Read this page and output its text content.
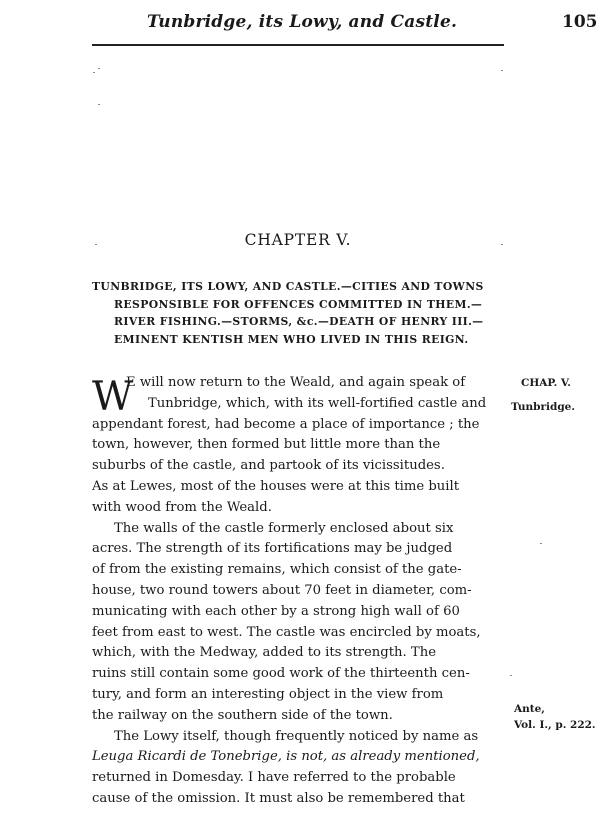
Tunbridge, its Lowy, and Castle.	105
CHAPTER V.
TUNBRIDGE, ITS LOWY, AND CASTLE.—CITIES AND TOWNS
RESPONSIBLE FOR OFFENCES COMMITTED IN THEM.—
RIVER FISHING.—STORMS, &c.—DEATH OF HENRY III.—
EMINENT KENTISH MEN WHO LIVED IN THIS REIGN.
W
E will now return to the Weald, and again speak of
Tunbridge, which, with its well-fortified castle and
appendant forest, had become a place of importance ; the
town, however, then formed but little more than the
suburbs of the castle, and partook of its vicissitudes.
As at Lewes, most of the houses were at this time built
with wood from the Weald.
The walls of the castle formerly enclosed about six
acres. The strength of its fortifications may be judged
of from the existing remains, which consist of the gate-
house, two round towers about 70 feet in diameter, com-
municating with each other by a strong high wall of 60
feet from east to west. The castle was encircled by moats,
which, with the Medway, added to its strength. The
ruins still contain some good work of the thirteenth cen-
tury, and form an interesting object in the view from
the railway on the southern side of the town.
The Lowy itself, though frequently noticed by name as
Leuga Ricardi de Tonebrige, is not, as already mentioned,
returned in Domesday. I have referred to the probable
cause of the omission. It must also be remembered that
CHAP. V.
Tunbridge.
Ante,
Vol. I., p. 222.
